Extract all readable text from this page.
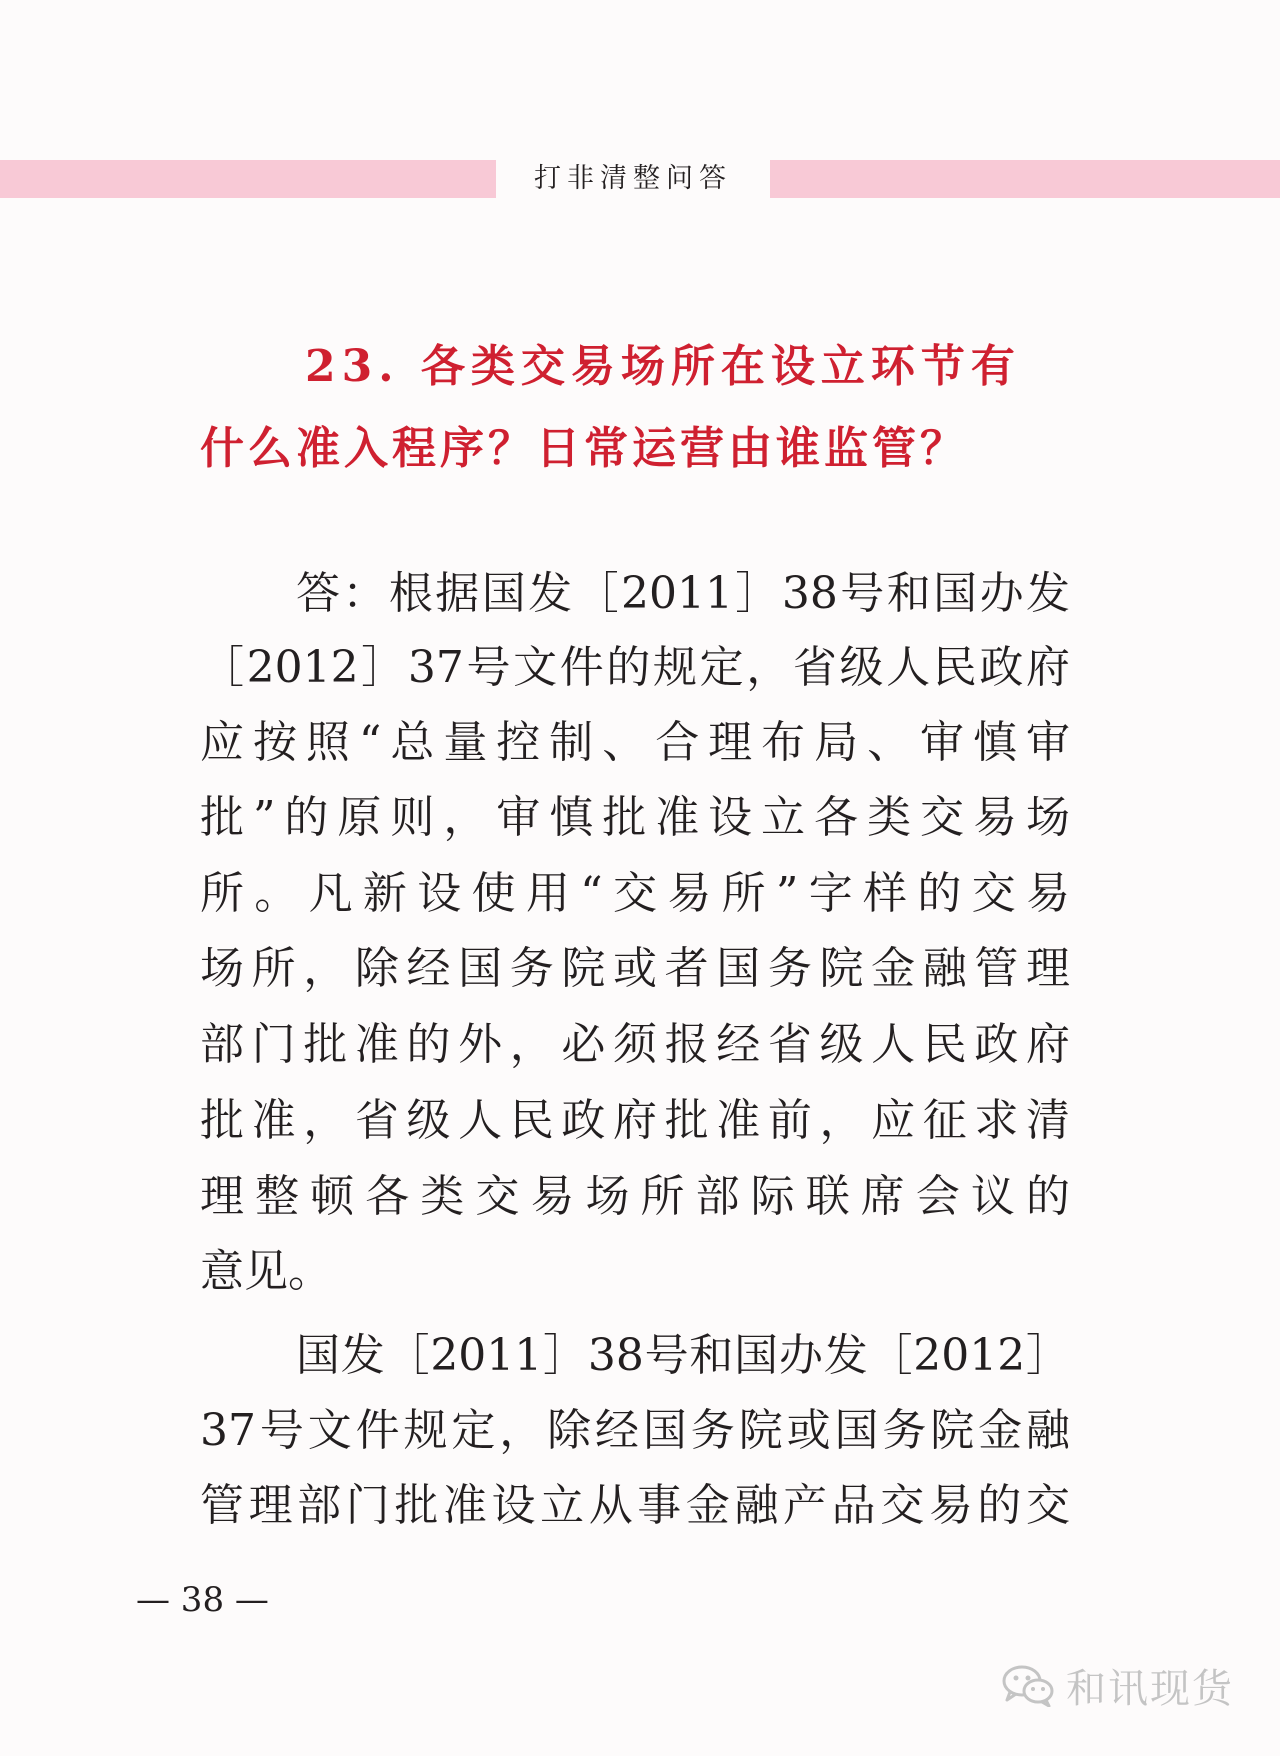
打非清整问答
23. 各类交易场所在设立环节有
什么准入程序？日常运营由谁监管？

答：根据国发［2011］38号和国办发

［2012］37号文件的规定，省级人民政府

应按照“总量控制、合理布局、审慎审

批”的原则，审慎批准设立各类交易场

所。凡新设使用“交易所”字样的交易

场所，除经国务院或者国务院金融管理

部门批准的外，必须报经省级人民政府

批准，省级人民政府批准前，应征求清

理整顿各类交易场所部际联席会议的

意见。

国发［2011］38号和国办发［2012］

37号文件规定，除经国务院或国务院金融

管理部门批准设立从事金融产品交易的交

— 38 —
和讯现货
